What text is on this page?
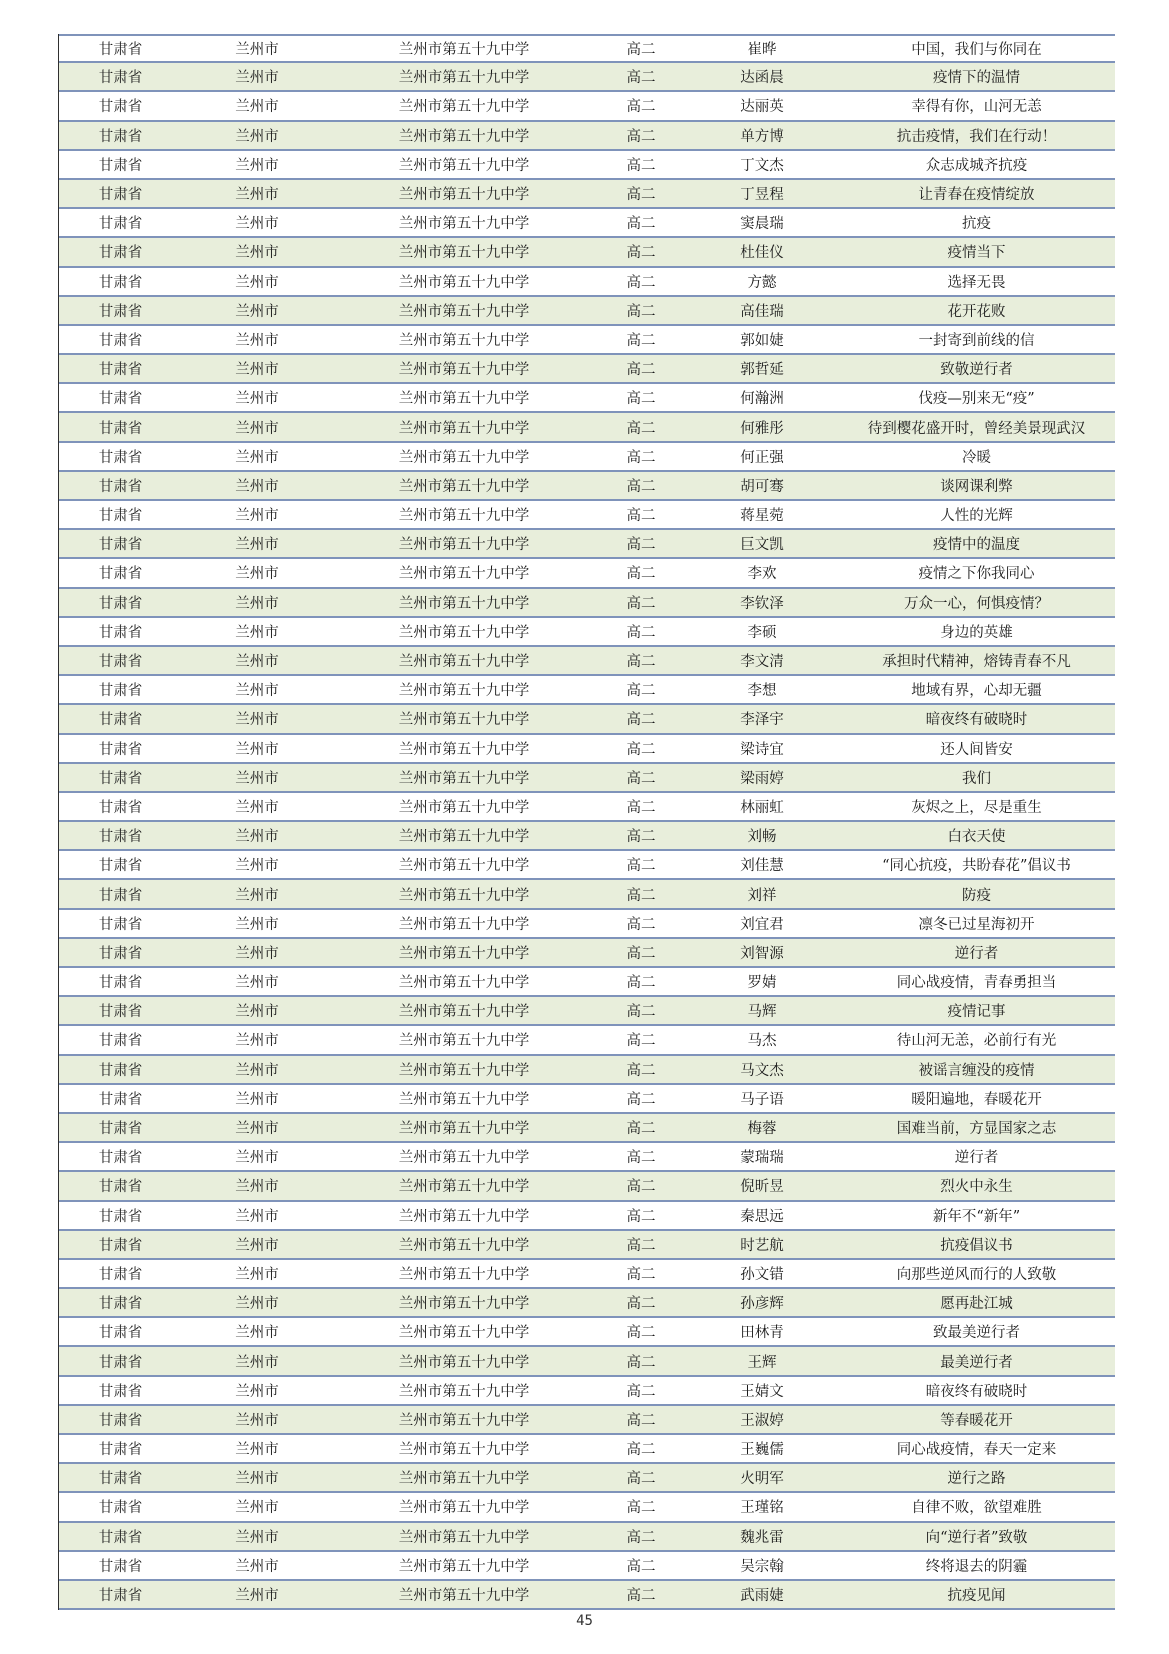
甘肃省	兰州市	兰州市第五十九中学	高二	崔晔	中国，我们与你同在
甘肃省	兰州市	兰州市第五十九中学	高二	达函晨	疫情下的温情
甘肃省	兰州市	兰州市第五十九中学	高二	达丽英	幸得有你，山河无恙
甘肃省	兰州市	兰州市第五十九中学	高二	单方博	抗击疫情，我们在行动！
甘肃省	兰州市	兰州市第五十九中学	高二	丁文杰	众志成城齐抗疫
甘肃省	兰州市	兰州市第五十九中学	高二	丁昱程	让青春在疫情绽放
甘肃省	兰州市	兰州市第五十九中学	高二	窦晨瑞	抗疫
甘肃省	兰州市	兰州市第五十九中学	高二	杜佳仪	疫情当下
甘肃省	兰州市	兰州市第五十九中学	高二	方懿	选择无畏
甘肃省	兰州市	兰州市第五十九中学	高二	高佳瑞	花开花败
甘肃省	兰州市	兰州市第五十九中学	高二	郭如婕	一封寄到前线的信
甘肃省	兰州市	兰州市第五十九中学	高二	郭哲延	致敬逆行者
甘肃省	兰州市	兰州市第五十九中学	高二	何瀚洲	伐疫—别来无“疫”
甘肃省	兰州市	兰州市第五十九中学	高二	何雅彤	待到樱花盛开时，曾经美景现武汉
甘肃省	兰州市	兰州市第五十九中学	高二	何正强	冷暖
甘肃省	兰州市	兰州市第五十九中学	高二	胡可骞	谈网课利弊
甘肃省	兰州市	兰州市第五十九中学	高二	蒋星菀	人性的光辉
甘肃省	兰州市	兰州市第五十九中学	高二	巨文凯	疫情中的温度
甘肃省	兰州市	兰州市第五十九中学	高二	李欢	疫情之下你我同心
甘肃省	兰州市	兰州市第五十九中学	高二	李钦泽	万众一心，何惧疫情？
甘肃省	兰州市	兰州市第五十九中学	高二	李硕	身边的英雄
甘肃省	兰州市	兰州市第五十九中学	高二	李文清	承担时代精神，熔铸青春不凡
甘肃省	兰州市	兰州市第五十九中学	高二	李想	地域有界，心却无疆
甘肃省	兰州市	兰州市第五十九中学	高二	李泽宇	暗夜终有破晓时
甘肃省	兰州市	兰州市第五十九中学	高二	梁诗宜	还人间皆安
甘肃省	兰州市	兰州市第五十九中学	高二	梁雨婷	我们
甘肃省	兰州市	兰州市第五十九中学	高二	林丽虹	灰烬之上，尽是重生
甘肃省	兰州市	兰州市第五十九中学	高二	刘畅	白衣天使
甘肃省	兰州市	兰州市第五十九中学	高二	刘佳慧	“同心抗疫，共盼春花”倡议书
甘肃省	兰州市	兰州市第五十九中学	高二	刘祥	防疫
甘肃省	兰州市	兰州市第五十九中学	高二	刘宜君	凛冬已过星海初开
甘肃省	兰州市	兰州市第五十九中学	高二	刘智源	逆行者
甘肃省	兰州市	兰州市第五十九中学	高二	罗婧	同心战疫情，青春勇担当
甘肃省	兰州市	兰州市第五十九中学	高二	马辉	疫情记事
甘肃省	兰州市	兰州市第五十九中学	高二	马杰	待山河无恙，必前行有光
甘肃省	兰州市	兰州市第五十九中学	高二	马文杰	被谣言缠没的疫情
甘肃省	兰州市	兰州市第五十九中学	高二	马子语	暖阳遍地，春暖花开
甘肃省	兰州市	兰州市第五十九中学	高二	梅蓉	国难当前，方显国家之志
甘肃省	兰州市	兰州市第五十九中学	高二	蒙瑞瑞	逆行者
甘肃省	兰州市	兰州市第五十九中学	高二	倪昕昱	烈火中永生
甘肃省	兰州市	兰州市第五十九中学	高二	秦思远	新年不“新年”
甘肃省	兰州市	兰州市第五十九中学	高二	时艺航	抗疫倡议书
甘肃省	兰州市	兰州市第五十九中学	高二	孙文错	向那些逆风而行的人致敬
甘肃省	兰州市	兰州市第五十九中学	高二	孙彦辉	愿再赴江城
甘肃省	兰州市	兰州市第五十九中学	高二	田林青	致最美逆行者
甘肃省	兰州市	兰州市第五十九中学	高二	王辉	最美逆行者
甘肃省	兰州市	兰州市第五十九中学	高二	王婧文	暗夜终有破晓时
甘肃省	兰州市	兰州市第五十九中学	高二	王淑婷	等春暖花开
甘肃省	兰州市	兰州市第五十九中学	高二	王巍儒	同心战疫情，春天一定来
甘肃省	兰州市	兰州市第五十九中学	高二	火明军	逆行之路
甘肃省	兰州市	兰州市第五十九中学	高二	王瑾铭	自律不败，欲望难胜
甘肃省	兰州市	兰州市第五十九中学	高二	魏兆雷	向“逆行者”致敬
甘肃省	兰州市	兰州市第五十九中学	高二	吴宗翰	终将退去的阴霾
甘肃省	兰州市	兰州市第五十九中学	高二	武雨婕	抗疫见闻
45
